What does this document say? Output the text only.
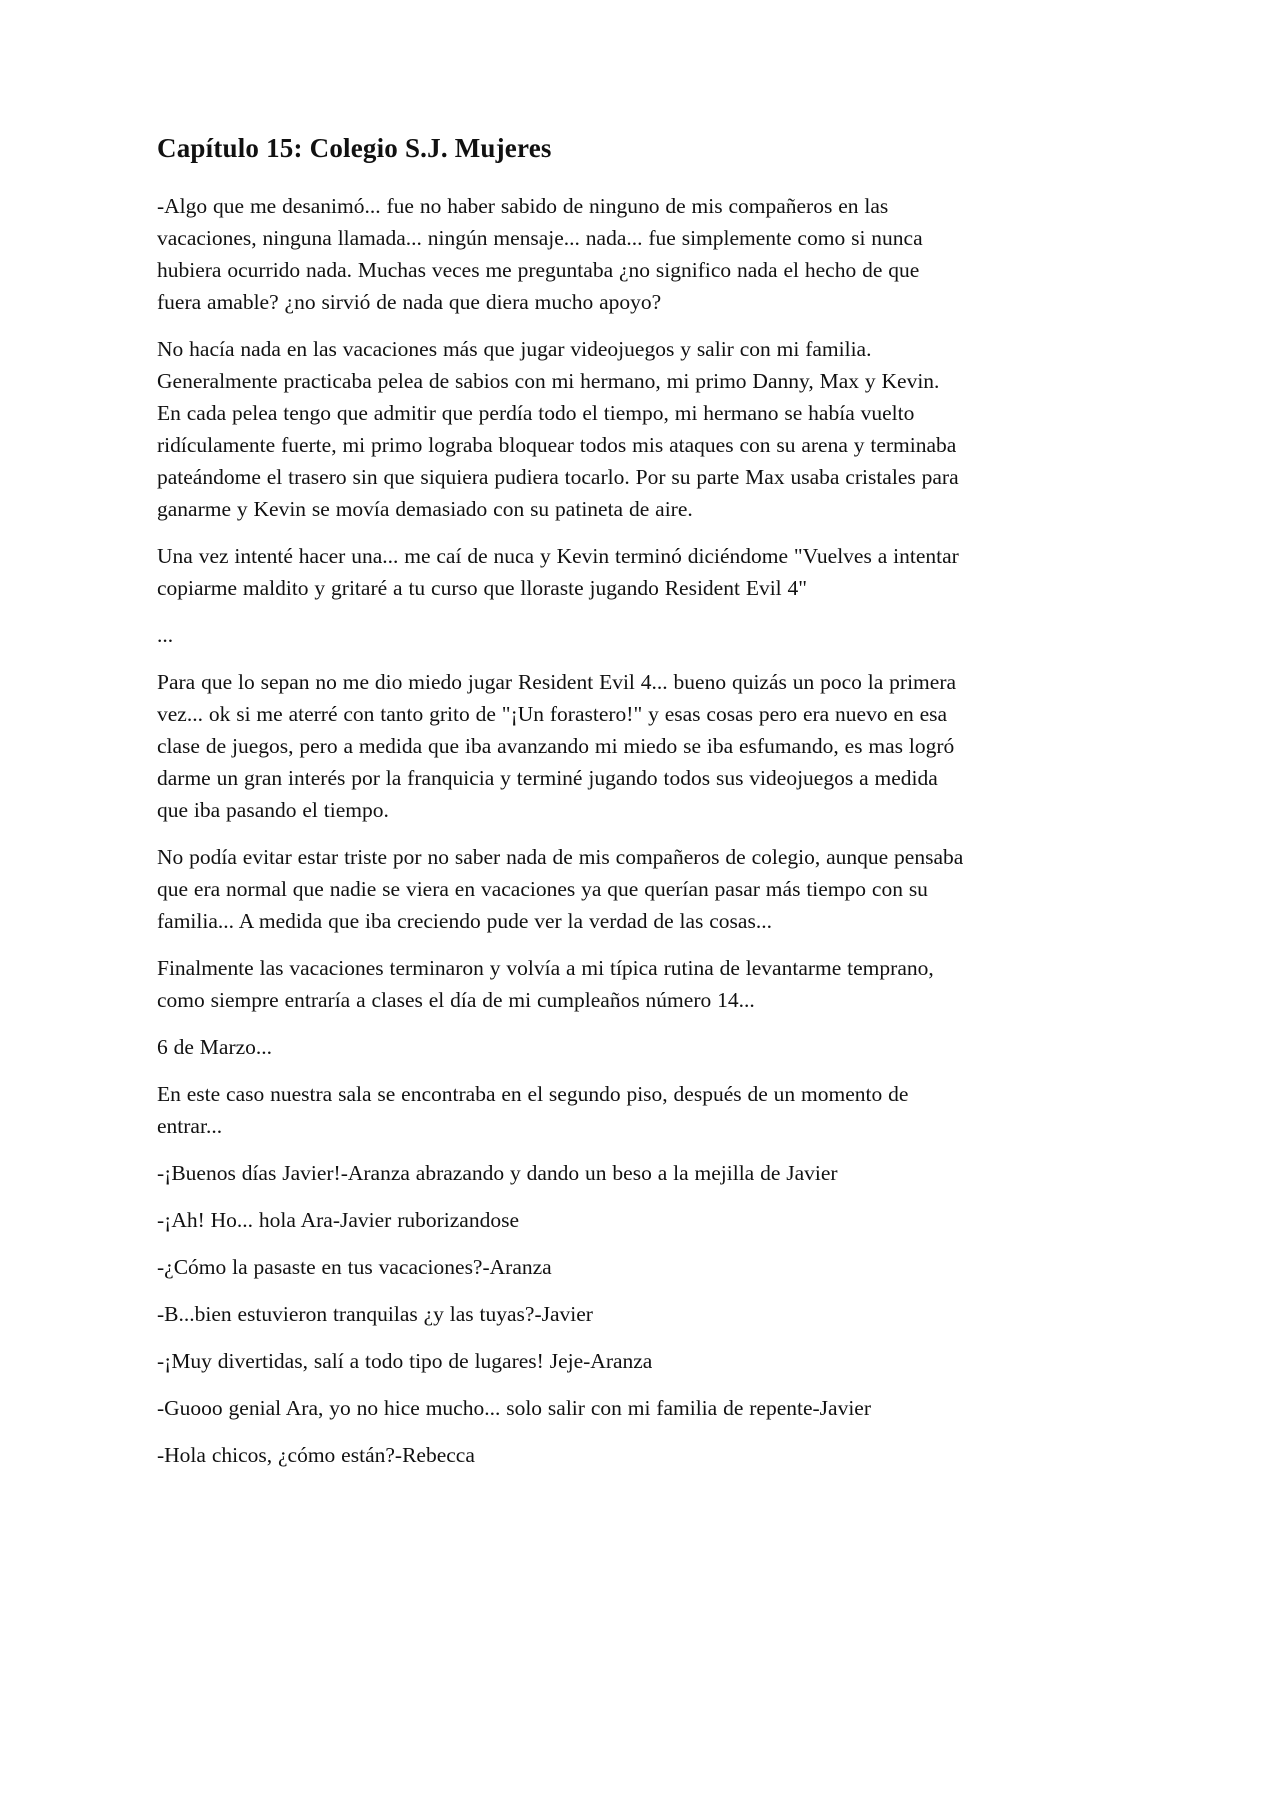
Capítulo 15: Colegio S.J. Mujeres

-Algo que me desanimó... fue no haber sabido de ninguno de mis compañeros en las vacaciones, ninguna llamada... ningún mensaje... nada... fue simplemente como si nunca hubiera ocurrido nada. Muchas veces me preguntaba ¿no significo nada el hecho de que fuera amable? ¿no sirvió de nada que diera mucho apoyo?

No hacía nada en las vacaciones más que jugar videojuegos y salir con mi familia. Generalmente practicaba pelea de sabios con mi hermano, mi primo Danny, Max y Kevin. En cada pelea tengo que admitir que perdía todo el tiempo, mi hermano se había vuelto ridículamente fuerte, mi primo lograba bloquear todos mis ataques con su arena y terminaba pateándome el trasero sin que siquiera pudiera tocarlo. Por su parte Max usaba cristales para ganarme y Kevin se movía demasiado con su patineta de aire.

Una vez intenté hacer una... me caí de nuca y Kevin terminó diciéndome "Vuelves a intentar copiarme maldito y gritaré a tu curso que lloraste jugando Resident Evil 4"

...

Para que lo sepan no me dio miedo jugar Resident Evil 4... bueno quizás un poco la primera vez... ok si me aterré con tanto grito de "¡Un forastero!" y esas cosas pero era nuevo en esa clase de juegos, pero a medida que iba avanzando mi miedo se iba esfumando, es mas logró darme un gran interés por la franquicia y terminé jugando todos sus videojuegos a medida que iba pasando el tiempo.

No podía evitar estar triste por no saber nada de mis compañeros de colegio, aunque pensaba que era normal que nadie se viera en vacaciones ya que querían pasar más tiempo con su familia... A medida que iba creciendo pude ver la verdad de las cosas...

Finalmente las vacaciones terminaron y volvía a mi típica rutina de levantarme temprano, como siempre entraría a clases el día de mi cumpleaños número 14...

6 de Marzo...

En este caso nuestra sala se encontraba en el segundo piso, después de un momento de entrar...

-¡Buenos días Javier!-Aranza abrazando y dando un beso a la mejilla de Javier

-¡Ah! Ho... hola Ara-Javier ruborizandose

-¿Cómo la pasaste en tus vacaciones?-Aranza

-B...bien estuvieron tranquilas ¿y las tuyas?-Javier

-¡Muy divertidas, salí a todo tipo de lugares! Jeje-Aranza

-Guooo genial Ara, yo no hice mucho... solo salir con mi familia de repente-Javier

-Hola chicos, ¿cómo están?-Rebecca
